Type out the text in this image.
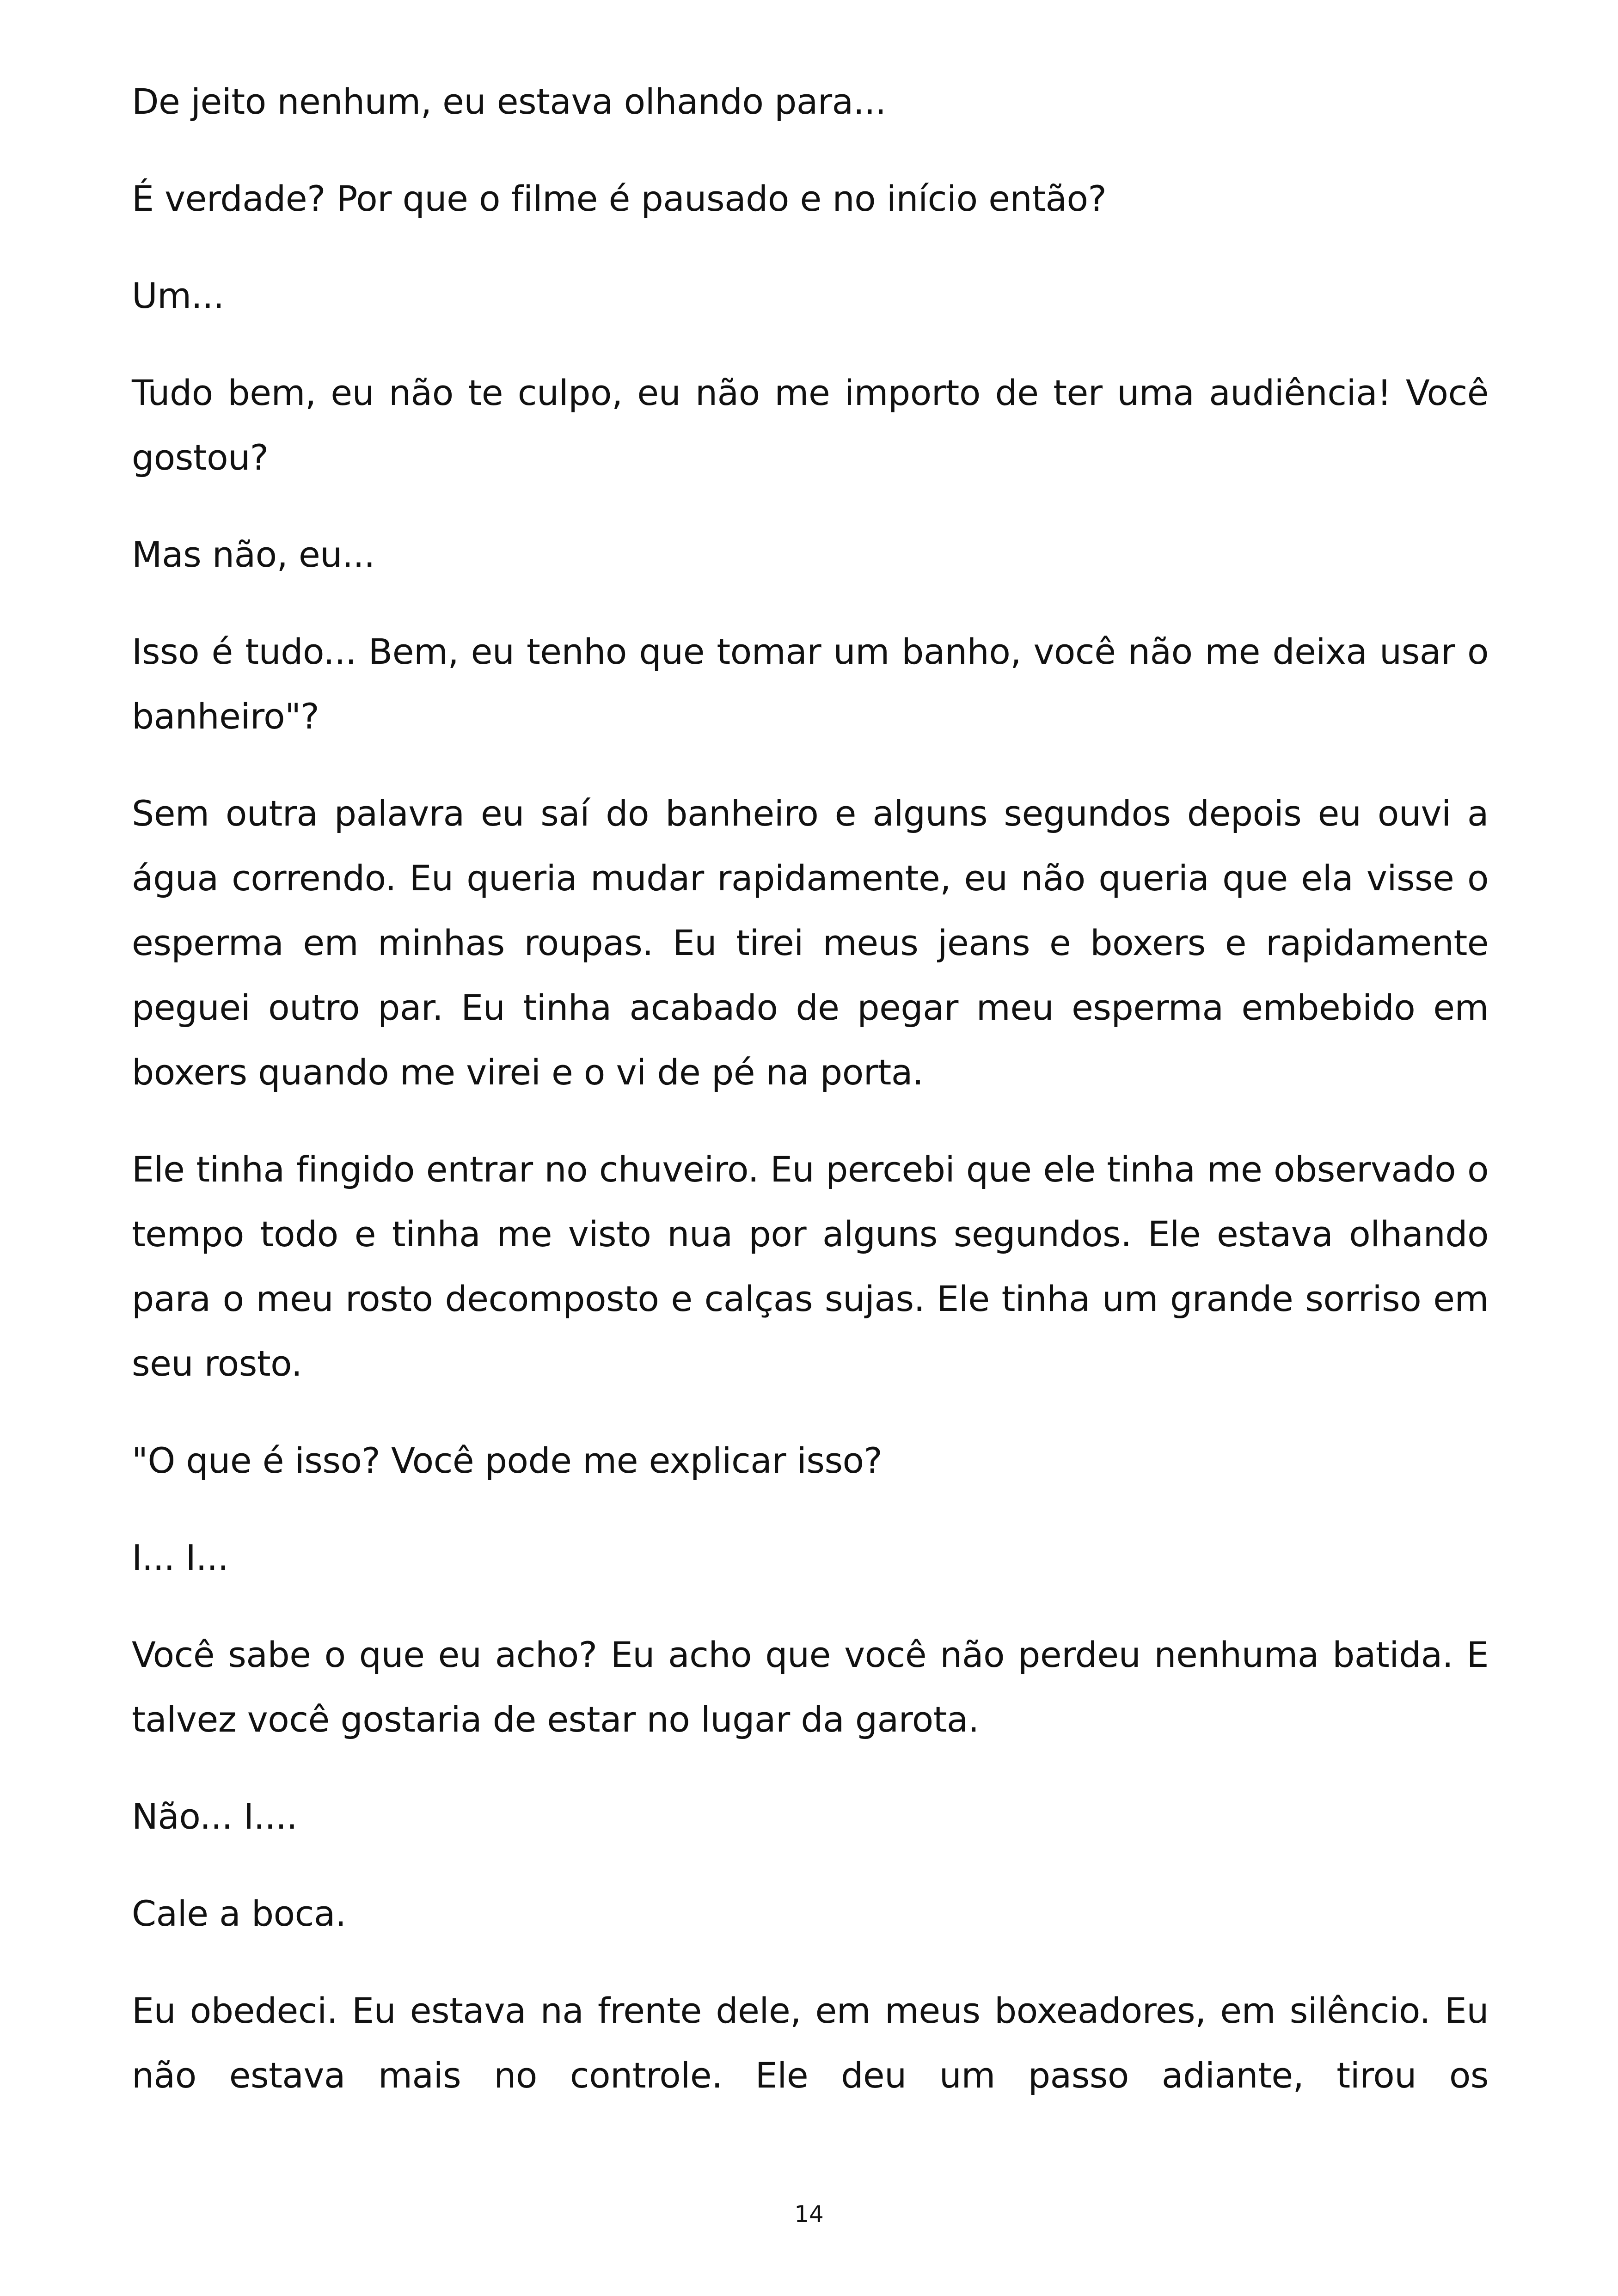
De jeito nenhum, eu estava olhando para...

É verdade? Por que o filme é pausado e no início então?

Um...

Tudo bem, eu não te culpo, eu não me importo de ter uma audiência! Você gostou?

Mas não, eu...

Isso é tudo... Bem, eu tenho que tomar um banho, você não me deixa usar o banheiro"?

Sem outra palavra eu saí do banheiro e alguns segundos depois eu ouvi a água correndo. Eu queria mudar rapidamente, eu não queria que ela visse o esperma em minhas roupas. Eu tirei meus jeans e boxers e rapidamente peguei outro par. Eu tinha acabado de pegar meu esperma embebido em boxers quando me virei e o vi de pé na porta.

Ele tinha fingido entrar no chuveiro. Eu percebi que ele tinha me observado o tempo todo e tinha me visto nua por alguns segundos. Ele estava olhando para o meu rosto decomposto e calças sujas. Ele tinha um grande sorriso em seu rosto.

"O que é isso? Você pode me explicar isso?

I... I...

Você sabe o que eu acho? Eu acho que você não perdeu nenhuma batida. E talvez você gostaria de estar no lugar da garota.

Não... I....

Cale a boca.

Eu obedeci. Eu estava na frente dele, em meus boxeadores, em silêncio. Eu não estava mais no controle. Ele deu um passo adiante, tirou os

14
